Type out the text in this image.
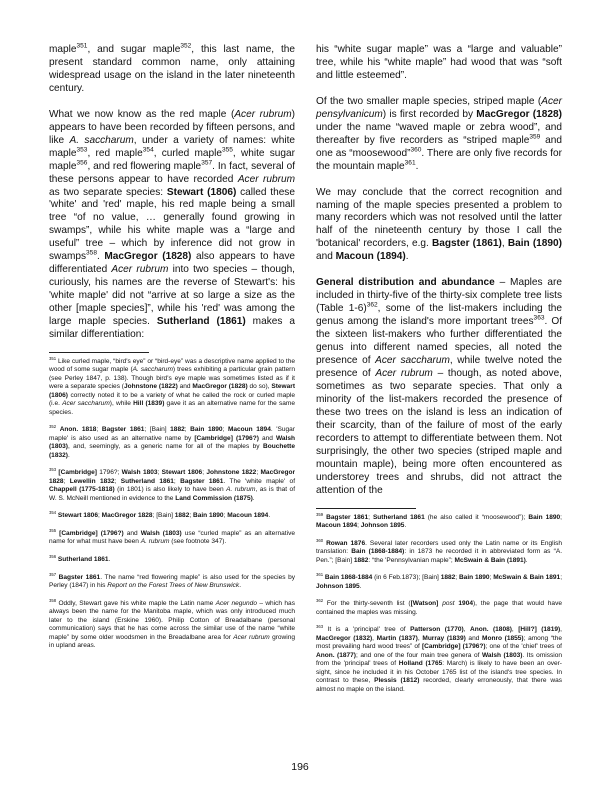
maple$^{351}$, and sugar maple$^{352}$, this last name, the present standard common name, only attaining widespread usage on the island in the later nineteenth century.

What we now know as the red maple (Acer rubrum) appears to have been recorded by fifteen persons, and like A. saccharum, under a variety of names: white maple$^{353}$, red maple$^{354}$, curled maple$^{355}$, white sugar maple$^{356}$, and red flowering maple$^{357}$. In fact, several of these persons appear to have recorded Acer rubrum as two separate species: Stewart (1806) called these 'white' and 'red' maple, his red maple being a small tree “of no value, … generally found growing in swamps”, while his white maple was a “large and useful” tree – which by inference did not grow in swamps$^{358}$. MacGregor (1828) also appears to have differentiated Acer rubrum into two species – though, curiously, his names are the reverse of Stewart's: his 'white maple' did not “arrive at so large a size as the other [maple species]”, while his 'red' was among the large maple species. Sutherland (1861) makes a similar differentiation:

$^{351}$ Like curled maple, “bird's eye” or “bird-eye” was a descriptive name applied to the wood of some sugar maple (A. saccharum) trees exhibiting a particular grain pattern (see Perley 1847, p. 138). Though bird's eye maple was sometimes listed as if it were a separate species (Johnstone (1822) and MacGregor (1828) do so), Stewart (1806) correctly noted it to be a variety of what he called the rock or curled maple (i.e. Acer saccharum), while Hill (1839) gave it as an alternative name for the same species.

$^{352}$ Anon. 1818; Bagster 1861; [Bain] 1882; Bain 1890; Macoun 1894. 'Sugar maple' is also used as an alternative name by [Cambridge] (1796?) and Walsh (1803), and, seemingly, as a generic name for all of the maples by Bouchette (1832).

$^{353}$ [Cambridge] 1796?; Walsh 1803; Stewart 1806; Johnstone 1822; MacGregor 1828; Lewellin 1832; Sutherland 1861; Bagster 1861. The 'white maple' of Chappell (1775-1818) (in 1801) is also likely to have been A. rubrum, as is that of W. S. McNeill mentioned in evidence to the Land Commission (1875).

$^{354}$ Stewart 1806; MacGregor 1828; [Bain] 1882; Bain 1890; Macoun 1894.

$^{355}$ [Cambridge] (1796?) and Walsh (1803) use “curled maple” as an alternative name for what must have been A. rubrum (see footnote 347).

$^{356}$ Sutherland 1861.

$^{357}$ Bagster 1861. The name “red flowering maple” is also used for the species by Perley (1847) in his Report on the Forest Trees of New Brunswick.

$^{358}$ Oddly, Stewart gave his white maple the Latin name Acer negundo – which has always been the name for the Manitoba maple, which was only introduced much later to the island (Erskine 1960). Philip Cotton of Breadalbane (personal communication) says that he has come across the similar use of the name “white maple” by some older woodsmen in the Breadalbane area for Acer rubrum growing in upland areas.

his “white sugar maple” was a “large and valuable” tree, while his “white maple” had wood that was “soft and little esteemed”.

Of the two smaller maple species, striped maple (Acer pensylvanicum) is first recorded by MacGregor (1828) under the name “waved maple or zebra wood”, and thereafter by five recorders as “striped maple$^{359}$ and one as “moosewood”$^{360}$. There are only five records for the mountain maple$^{361}$.

We may conclude that the correct recognition and naming of the maple species presented a problem to many recorders which was not resolved until the latter half of the nineteenth century by those I call the 'botanical' recorders, e.g. Bagster (1861), Bain (1890) and Macoun (1894).

General distribution and abundance – Maples are included in thirty-five of the thirty-six complete tree lists (Table 1-6)$^{362}$, some of the list-makers including the genus among the island's more important trees$^{363}$. Of the sixteen list-makers who further differentiated the genus into different named species, all noted the presence of Acer saccharum, while twelve noted the presence of Acer rubrum – though, as noted above, sometimes as two separate species. That only a minority of the list-makers recorded the presence of these two trees on the island is less an indication of their scarcity, than of the failure of most of the early recorders to attempt to differentiate between them. Not surprisingly, the other two species (striped maple and mountain maple), being more often encountered as understorey trees and shrubs, did not attract the attention of the

$^{359}$ Bagster 1861; Sutherland 1861 (he also called it “moosewood”); Bain 1890; Macoun 1894; Johnson 1895.

$^{360}$ Rowan 1876. Several later recorders used only the Latin name or its English translation: Bain (1868-1884): in 1873 he recorded it in abbreviated form as “A. Pen.”; [Bain] 1882: “the 'Pennsylvanian maple”; McSwain & Bain (1891).

$^{361}$ Bain 1868-1884 (in 6 Feb.1873); [Bain] 1882; Bain 1890; McSwain & Bain 1891; Johnson 1895.

$^{362}$ For the thirty-seventh list ([Watson] post 1904), the page that would have contained the maples was missing.

$^{363}$ It is a 'principal' tree of Patterson (1770), Anon. (1808), [Hill?] (1819), MacGregor (1832), Martin (1837), Murray (1839) and Monro (1855); among “the most prevailing hard wood trees” of [Cambridge] (1796?); one of the 'chief' trees of Anon. (1877); and one of the four main tree genera of Walsh (1803). Its omission from the 'principal' trees of Holland (1765: March) is likely to have been an over-sight, since he included it in his October 1765 list of the island's tree species. In contrast to these, Plessis (1812) recorded, clearly erroneously, that there was almost no maple on the island.

196
